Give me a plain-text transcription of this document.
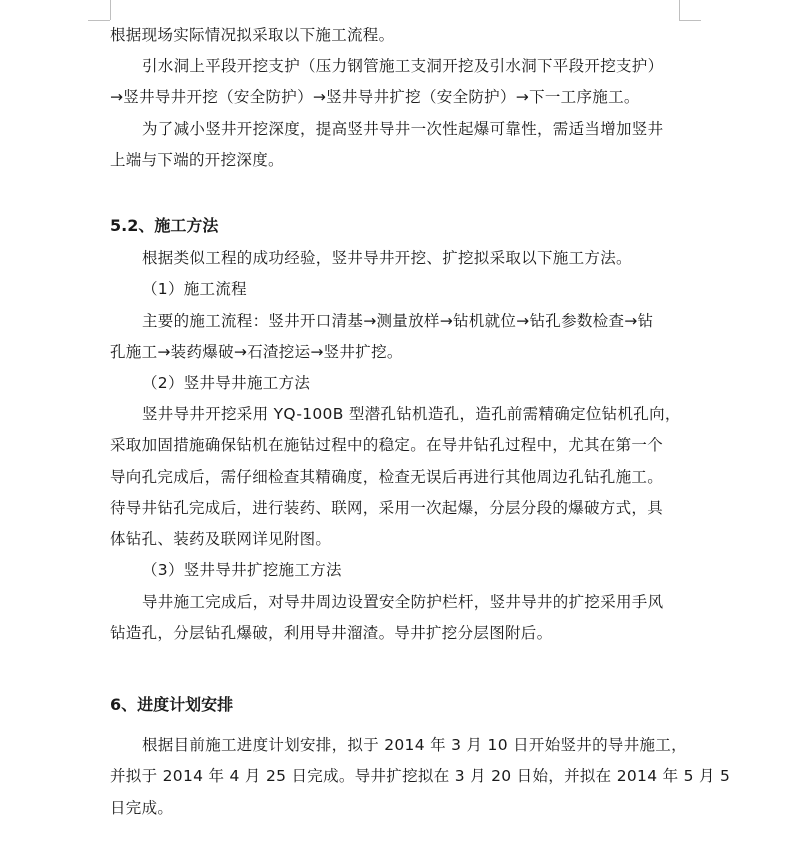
根据现场实际情况拟采取以下施工流程。
引水洞上平段开挖支护（压力钢管施工支洞开挖及引水洞下平段开挖支护）
→竖井导井开挖（安全防护）→竖井导井扩挖（安全防护）→下一工序施工。
为了减小竖井开挖深度，提高竖井导井一次性起爆可靠性，需适当增加竖井
上端与下端的开挖深度。
5.2、施工方法
根据类似工程的成功经验，竖井导井开挖、扩挖拟采取以下施工方法。
（1）施工流程
主要的施工流程：竖井开口清基→测量放样→钻机就位→钻孔参数检查→钻
孔施工→装药爆破→石渣挖运→竖井扩挖。
（2）竖井导井施工方法
竖井导井开挖采用 YQ-100B 型潜孔钻机造孔，造孔前需精确定位钻机孔向，
采取加固措施确保钻机在施钻过程中的稳定。在导井钻孔过程中，尤其在第一个
导向孔完成后，需仔细检查其精确度，检查无误后再进行其他周边孔钻孔施工。
待导井钻孔完成后，进行装药、联网，采用一次起爆，分层分段的爆破方式，具
体钻孔、装药及联网详见附图。
（3）竖井导井扩挖施工方法
导井施工完成后，对导井周边设置安全防护栏杆，竖井导井的扩挖采用手风
钻造孔，分层钻孔爆破，利用导井溜渣。导井扩挖分层图附后。
6、进度计划安排
根据目前施工进度计划安排，拟于 2014 年 3 月 10 日开始竖井的导井施工，
并拟于 2014 年 4 月 25 日完成。导井扩挖拟在 3 月 20 日始，并拟在 2014 年 5 月 5
日完成。
